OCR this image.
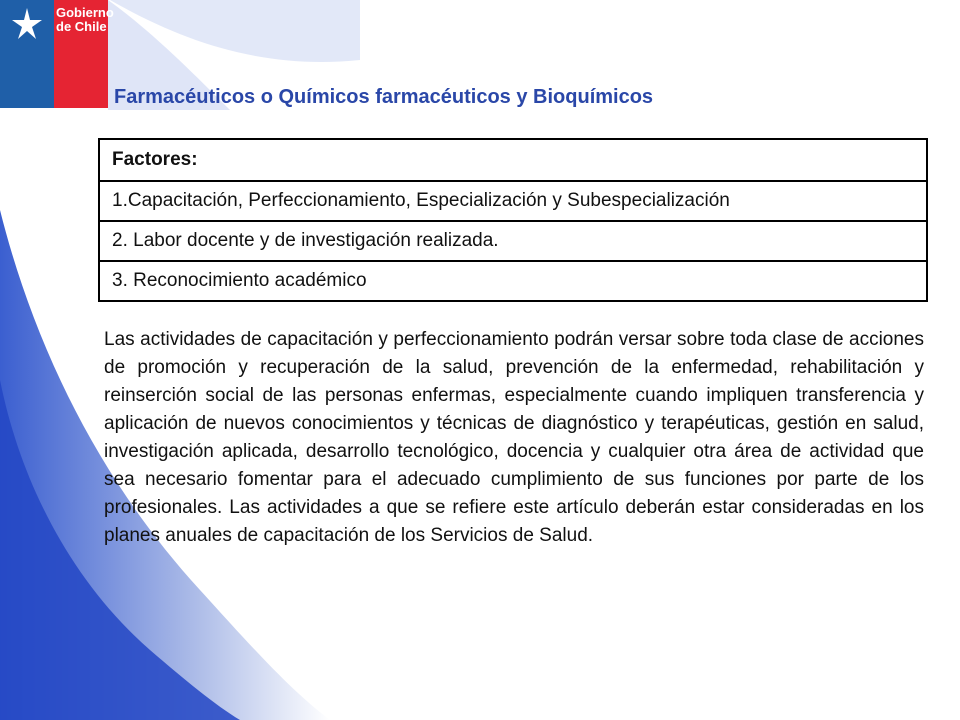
Gobierno
de Chile
Farmacéuticos o Químicos farmacéuticos y Bioquímicos
Factores:
1.Capacitación, Perfeccionamiento, Especialización y Subespecialización
2. Labor docente y de investigación realizada.
3. Reconocimiento académico

Las actividades de capacitación y perfeccionamiento podrán versar sobre toda clase de acciones de promoción y recuperación de la salud, prevención de la enfermedad, rehabilitación y reinserción social de las personas enfermas, especialmente cuando impliquen transferencia y aplicación de nuevos conocimientos y técnicas de diagnóstico y terapéuticas, gestión en salud, investigación aplicada, desarrollo tecnológico, docencia y cualquier otra área de actividad que sea necesario fomentar para el adecuado cumplimiento de sus funciones por parte de los profesionales. Las actividades a que se refiere este artículo deberán estar consideradas en los planes anuales de capacitación de los Servicios de Salud.
